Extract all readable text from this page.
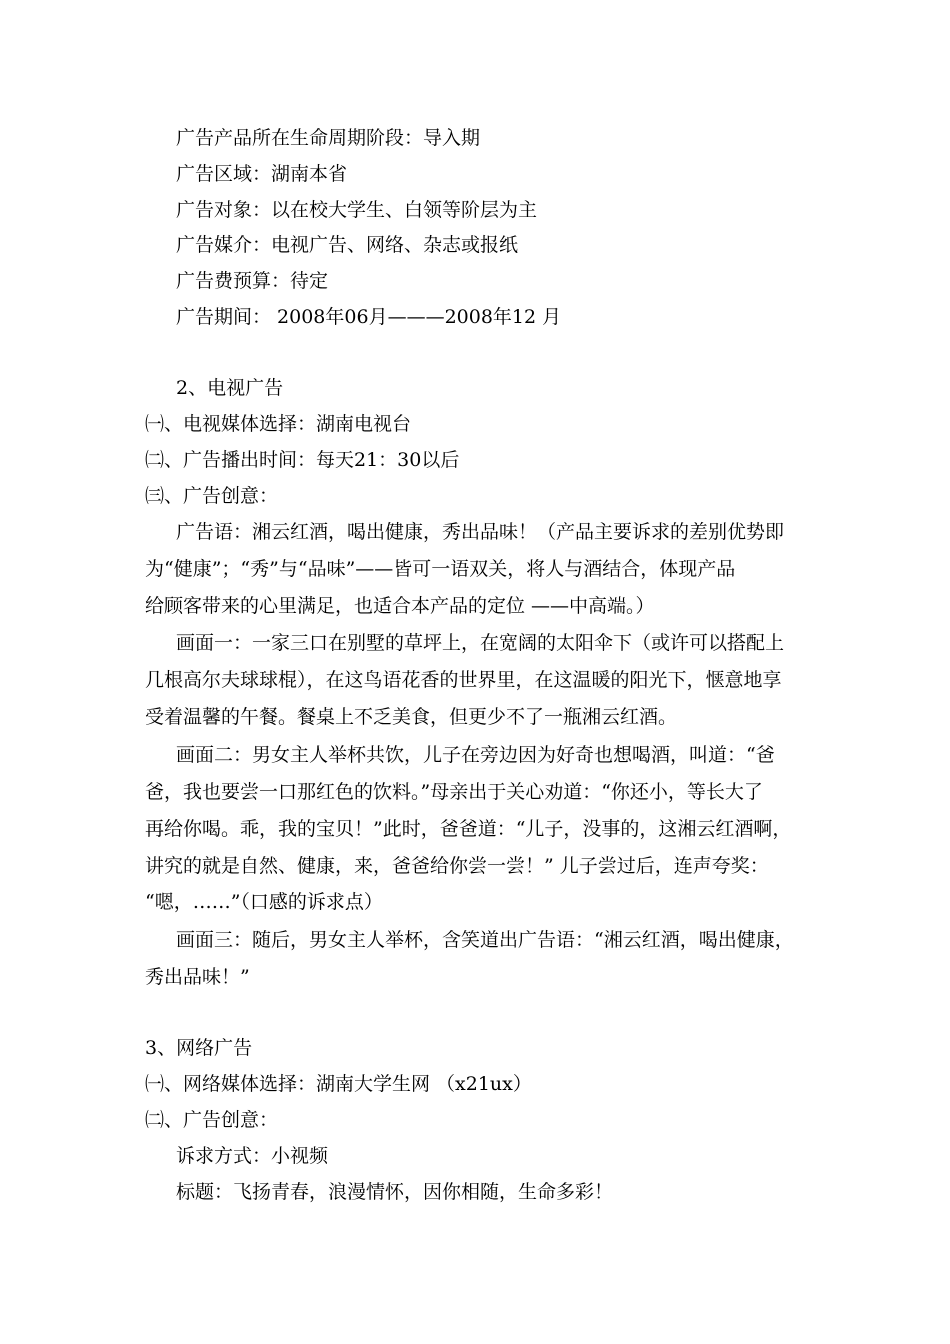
广告产品所在生命周期阶段：导入期
广告区域：湖南本省
广告对象：以在校大学生、白领等阶层为主
广告媒介：电视广告、网络、杂志或报纸
广告费预算：待定
广告期间： 2008年06月———2008年12 月
2、电视广告
㈠、电视媒体选择：湖南电视台
㈡、广告播出时间：每天21：30以后
㈢、广告创意：
广告语：湘云红酒，喝出健康，秀出品味！（产品主要诉求的差别优势即
为“健康”；“秀”与“品味”——皆可一语双关，将人与酒结合，体现产品
给顾客带来的心里满足，也适合本产品的定位 ——中高端。）
画面一：一家三口在别墅的草坪上，在宽阔的太阳伞下（或许可以搭配上
几根高尔夫球球棍），在这鸟语花香的世界里，在这温暖的阳光下，惬意地享
受着温馨的午餐。餐桌上不乏美食，但更少不了一瓶湘云红酒。
画面二：男女主人举杯共饮，儿子在旁边因为好奇也想喝酒，叫道：“爸
爸，我也要尝一口那红色的饮料。”母亲出于关心劝道：“你还小，等长大了
再给你喝。乖，我的宝贝！”此时，爸爸道：“儿子，没事的，这湘云红酒啊，
讲究的就是自然、健康，来，爸爸给你尝一尝！” 儿子尝过后，连声夸奖：
“嗯，……”（口感的诉求点）
画面三：随后，男女主人举杯，含笑道出广告语：“湘云红酒，喝出健康，
秀出品味！”
3、网络广告
㈠、网络媒体选择：湖南大学生网 （x21ux）
㈡、广告创意：
诉求方式：小视频
标题：飞扬青春，浪漫情怀，因你相随，生命多彩！
